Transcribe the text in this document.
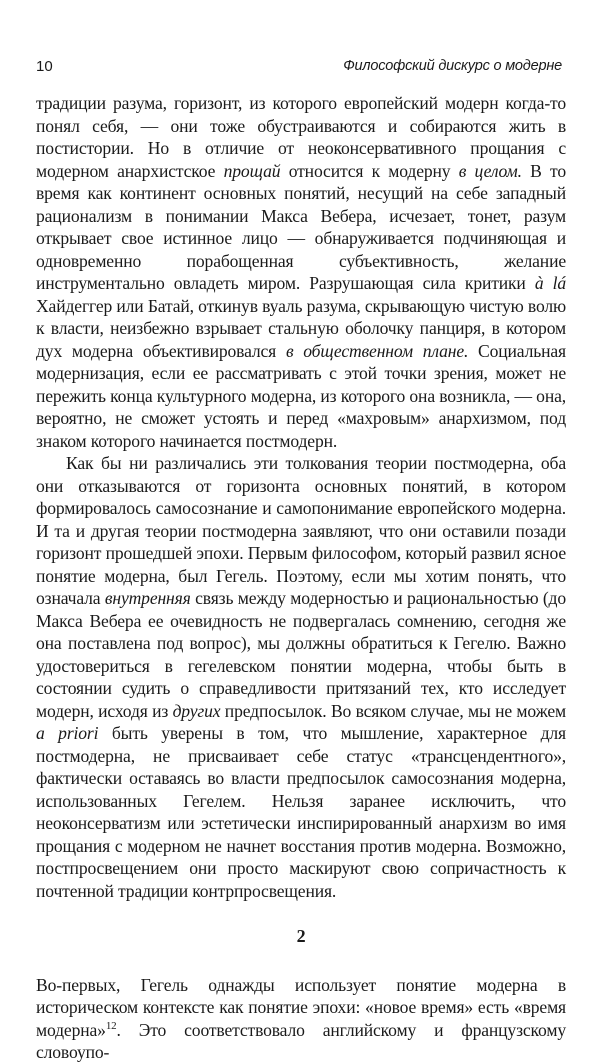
10	Философский дискурс о модерне

традиции разума, горизонт, из которого европейский модерн когда-то понял себя, — они тоже обустраиваются и собираются жить в постистории. Но в отличие от неоконсервативного прощания с модерном анархистское прощай относится к модерну в целом. В то время как континент основных понятий, несущий на себе западный рационализм в понимании Макса Вебера, исчезает, тонет, разум открывает свое истинное лицо — обнаруживается подчиняющая и одновременно порабощенная субъективность, желание инструментально овладеть миром. Разрушающая сила критики à lá Хайдеггер или Батай, откинув вуаль разума, скрывающую чистую волю к власти, неизбежно взрывает стальную оболочку панциря, в котором дух модерна объективировался в общественном плане. Социальная модернизация, если ее рассматривать с этой точки зрения, может не пережить конца культурного модерна, из которого она возникла, — она, вероятно, не сможет устоять и перед «махровым» анархизмом, под знаком которого начинается постмодерн.

Как бы ни различались эти толкования теории постмодерна, оба они отказываются от горизонта основных понятий, в котором формировалось самосознание и самопонимание европейского модерна. И та и другая теории постмодерна заявляют, что они оставили позади горизонт прошедшей эпохи. Первым философом, который развил ясное понятие модерна, был Гегель. Поэтому, если мы хотим понять, что означала внутренняя связь между модерностью и рациональностью (до Макса Вебера ее очевидность не подвергалась сомнению, сегодня же она поставлена под вопрос), мы должны обратиться к Гегелю. Важно удостовериться в гегелевском понятии модерна, чтобы быть в состоянии судить о справедливости притязаний тех, кто исследует модерн, исходя из других предпосылок. Во всяком случае, мы не можем a priori быть уверены в том, что мышление, характерное для постмодерна, не присваивает себе статус «трансцендентного», фактически оставаясь во власти предпосылок самосознания модерна, использованных Гегелем. Нельзя заранее исключить, что неоконсерватизм или эстетически инспирированный анархизм во имя прощания с модерном не начнет восстания против модерна. Возможно, постпросвещением они просто маскируют свою сопричастность к почтенной традиции контрпросвещения.

2

Во-первых, Гегель однажды использует понятие модерна в историческом контексте как понятие эпохи: «новое время» есть «время модерна»$^{12}$. Это соответствовало английскому и французскому словоупо-
